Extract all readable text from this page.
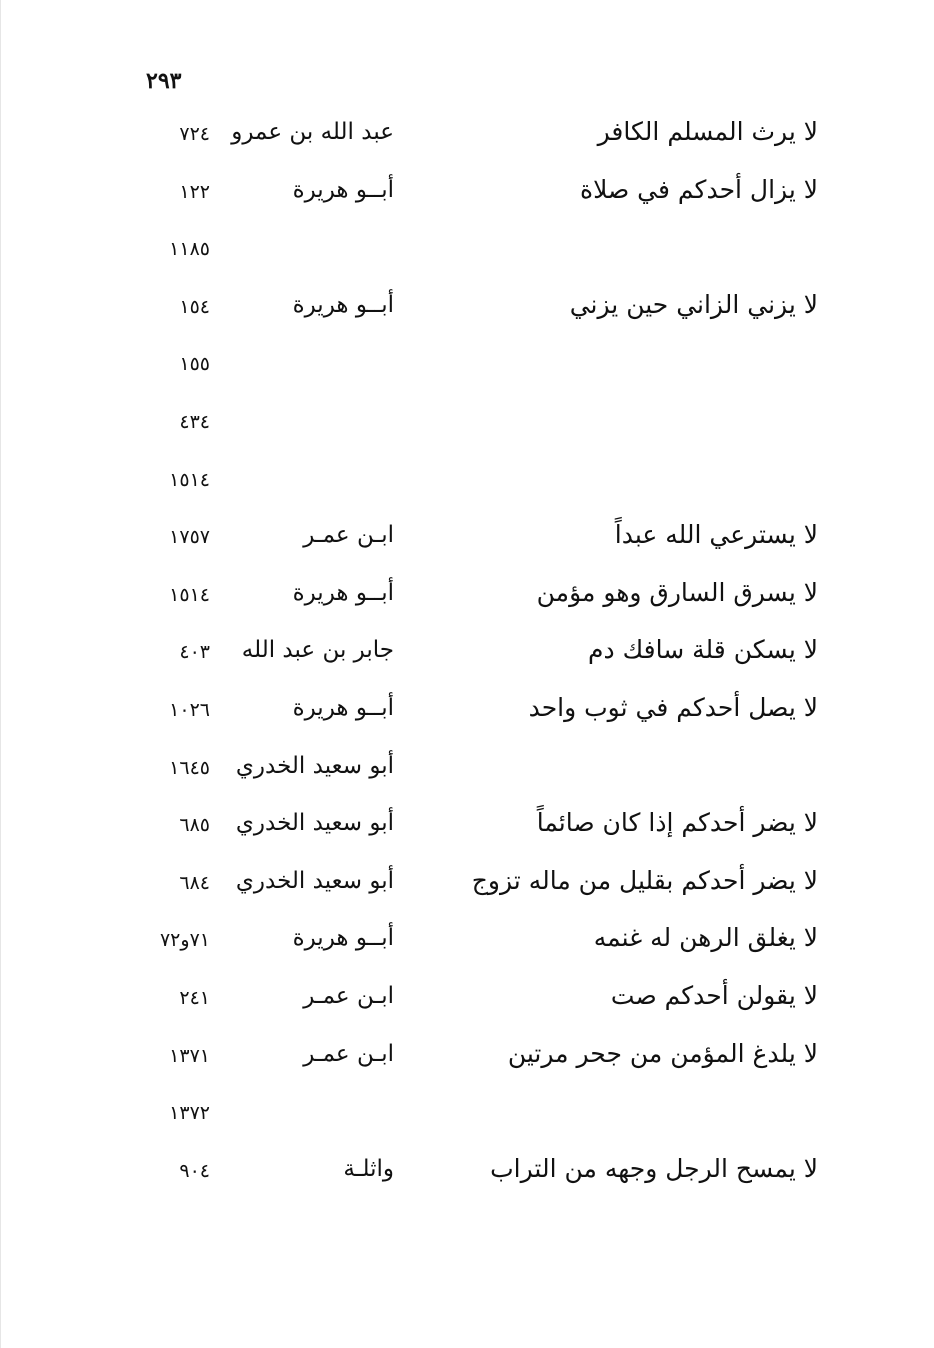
٢٩٣
لا يرث المسلم الكافر
عبد الله بن عمرو
٧٢٤
لا يزال أحدكم في صلاة
أبــو هريرة
١٢٢
١١٨٥
لا يزني الزاني حين يزني
أبــو هريرة
١٥٤
١٥٥
٤٣٤
١٥١٤
لا يسترعي الله عبداً
ابـن عمـر
١٧٥٧
لا يسرق السارق وهو مؤمن
أبــو هريرة
١٥١٤
لا يسكن قلة سافك دم
جابر بن عبد الله
٤٠٣
لا يصل أحدكم في ثوب واحد
أبــو هريرة
١٠٢٦
أبو سعيد الخدري
١٦٤٥
لا يضر أحدكم إذا كان صائماً
أبو سعيد الخدري
٦٨٥
لا يضر أحدكم بقليل من ماله تزوج
أبو سعيد الخدري
٦٨٤
لا يغلق الرهن له غنمه
أبــو هريرة
٧١و٧٢
لا يقولن أحدكم صت
ابـن عمـر
٢٤١
لا يلدغ المؤمن من جحر مرتين
ابـن عمـر
١٣٧١
١٣٧٢
لا يمسح الرجل وجهه من التراب
واثلـة
٩٠٤
